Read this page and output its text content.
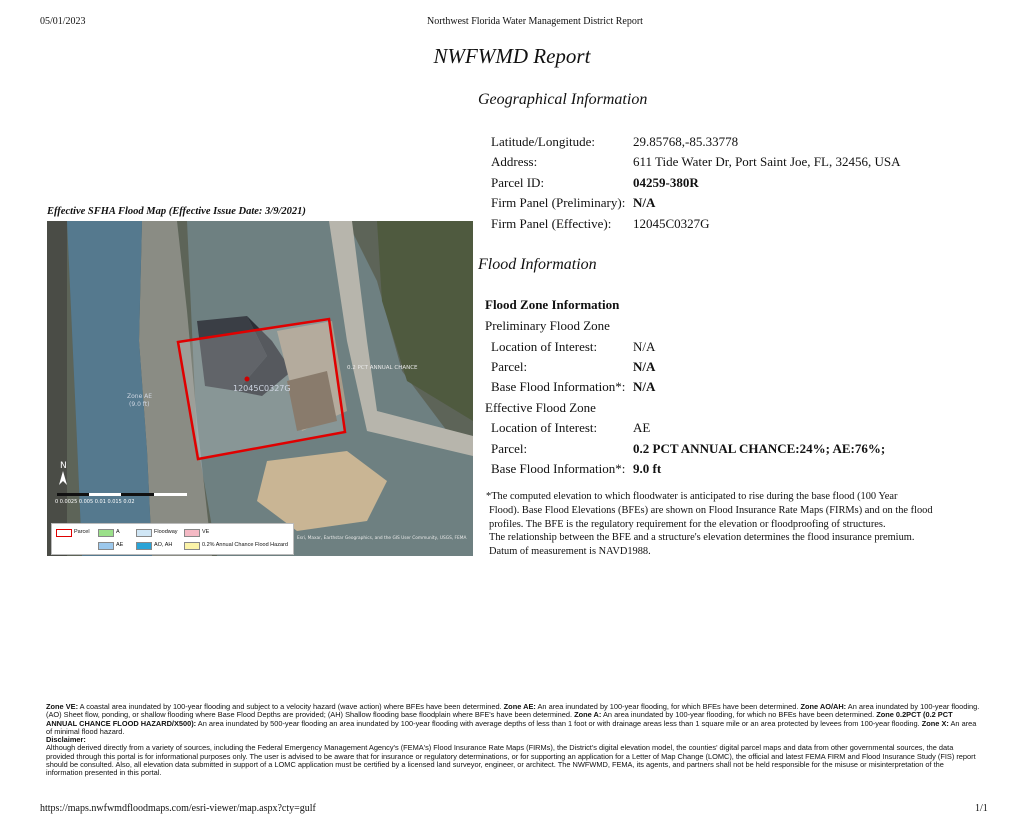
05/01/2023	Northwest Florida Water Management District Report
NWFWMD Report
Geographical Information
Latitude/Longitude:	29.85768,-85.33778
Address:	611 Tide Water Dr, Port Saint Joe, FL, 32456, USA
Parcel ID:	04259-380R
Firm Panel (Preliminary): N/A
Firm Panel (Effective): 12045C0327G
Effective SFHA Flood Map (Effective Issue Date: 3/9/2021)
12045C0327G
Zone AE
(9.0 ft)
0.2 PCT ANNUAL CHANCE
N
0 0.0025 0.005 0.01 0.015 0.02
Esri, Maxar, Earthstar Geographics, and the GIS User Community, USGS, FEMA
Parcel	A	Floodway	VE
AE	AO, AH	0.2% Annual Chance Flood Hazard
Flood Information
Flood Zone Information
Preliminary Flood Zone
Location of Interest:	N/A
Parcel:	N/A
Base Flood Information*: N/A
Effective Flood Zone
Location of Interest:	AE
Parcel:	0.2 PCT ANNUAL CHANCE:24%; AE:76%;
Base Flood Information*: 9.0 ft
*The computed elevation to which floodwater is anticipated to rise during the base flood (100 Year
Flood). Base Flood Elevations (BFEs) are shown on Flood Insurance Rate Maps (FIRMs) and on the flood
profiles. The BFE is the regulatory requirement for the elevation or floodproofing of structures.
The relationship between the BFE and a structure's elevation determines the flood insurance premium.
Datum of measurement is NAVD1988.

Zone VE: A coastal area inundated by 100-year flooding and subject to a velocity hazard (wave action) where BFEs have been determined. Zone AE: An area inundated by 100-year flooding, for which BFEs have been determined. Zone AO/AH: An area inundated by 100-year flooding. (AO) Sheet flow, ponding, or shallow flooding where Base Flood Depths are provided; (AH) Shallow flooding base floodplain where BFE's have been determined. Zone A: An area inundated by 100-year flooding, for which no BFEs have been determined. Zone 0.2PCT (0.2 PCT ANNUAL CHANCE FLOOD HAZARD/X500): An area inundated by 500-year flooding an area inundated by 100-year flooding with average depths of less than 1 foot or with drainage areas less than 1 square mile or an area protected by levees from 100-year flooding. Zone X: An area of minimal flood hazard.

Disclaimer:

Although derived directly from a variety of sources, including the Federal Emergency Management Agency's (FEMA's) Flood Insurance Rate Maps (FIRMs), the District's digital elevation model, the counties' digital parcel maps and data from other governmental sources, the data provided through this portal is for informational purposes only. The user is advised to be aware that for insurance or regulatory determinations, or for supporting an application for a Letter of Map Change (LOMC), the official and latest FEMA FIRM and Flood Insurance Study (FIS) report should be consulted. Also, all elevation data submitted in support of a LOMC application must be certified by a licensed land surveyor, engineer, or architect. The NWFWMD, FEMA, its agents, and partners shall not be held responsible for the misuse or misinterpretation of the information presented in this portal.

https://maps.nwfwmdfloodmaps.com/esri-viewer/map.aspx?cty=gulf	1/1
